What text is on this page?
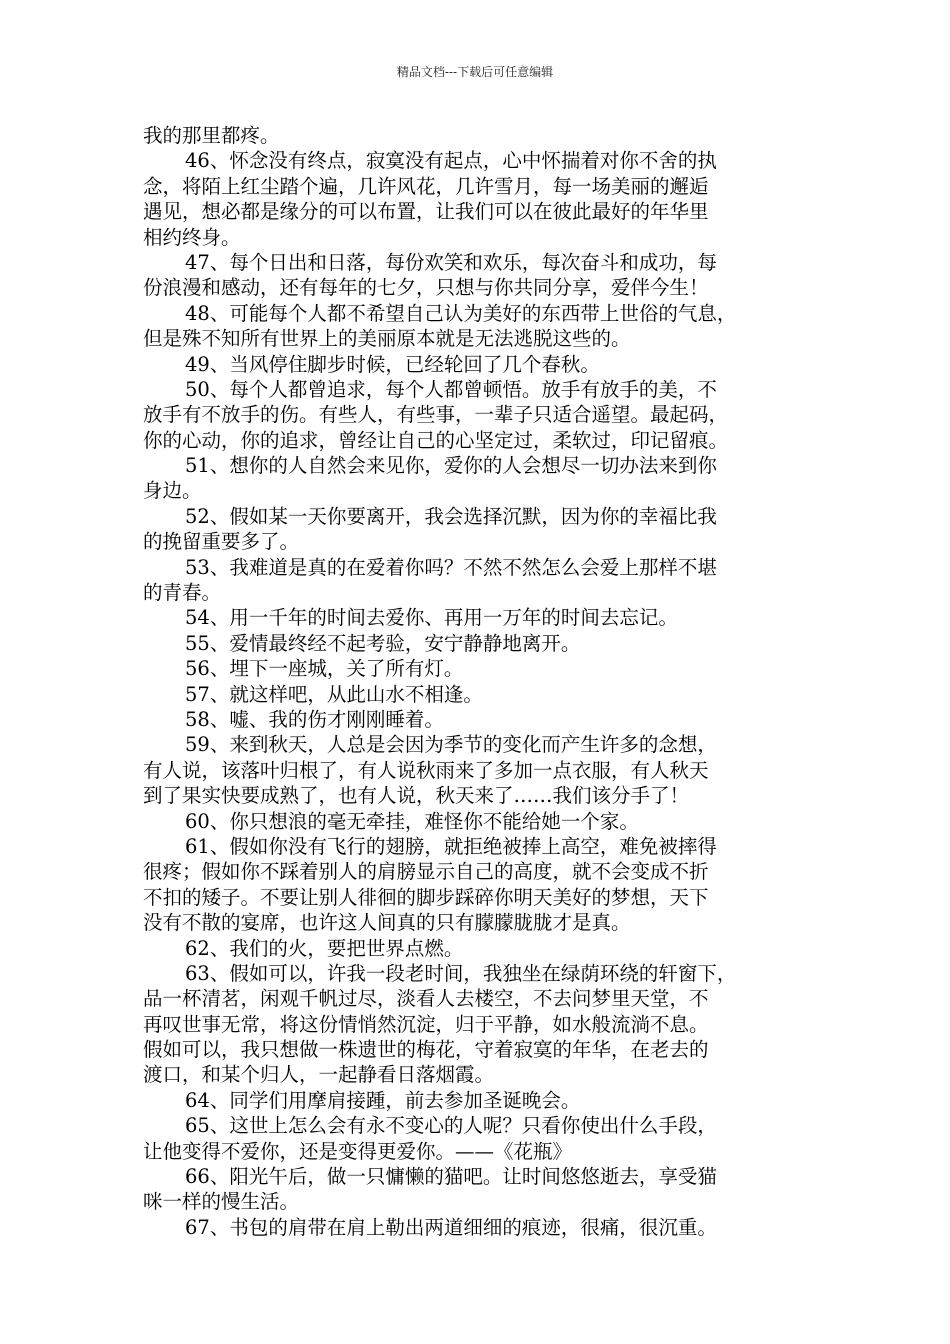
精品文档---下载后可任意编辑
我的那里都疼。
46、怀念没有终点，寂寞没有起点，心中怀揣着对你不舍的执
念，将陌上红尘踏个遍，几许风花，几许雪月，每一场美丽的邂逅
遇见，想必都是缘分的可以布置，让我们可以在彼此最好的年华里
相约终身。
47、每个日出和日落，每份欢笑和欢乐，每次奋斗和成功，每
份浪漫和感动，还有每年的七夕，只想与你共同分享，爱伴今生！
48、可能每个人都不希望自己认为美好的东西带上世俗的气息，
但是殊不知所有世界上的美丽原本就是无法逃脱这些的。
49、当风停住脚步时候，已经轮回了几个春秋。
50、每个人都曾追求，每个人都曾顿悟。放手有放手的美，不
放手有不放手的伤。有些人，有些事，一辈子只适合遥望。最起码，
你的心动，你的追求，曾经让自己的心坚定过，柔软过，印记留痕。
51、想你的人自然会来见你，爱你的人会想尽一切办法来到你
身边。
52、假如某一天你要离开，我会选择沉默，因为你的幸福比我
的挽留重要多了。
53、我难道是真的在爱着你吗？不然不然怎么会爱上那样不堪
的青春。
54、用一千年的时间去爱你、再用一万年的时间去忘记。
55、爱情最终经不起考验，安宁静静地离开。
56、埋下一座城，关了所有灯。
57、就这样吧，从此山水不相逢。
58、嘘、我的伤才刚刚睡着。
59、来到秋天，人总是会因为季节的变化而产生许多的念想，
有人说，该落叶归根了，有人说秋雨来了多加一点衣服，有人秋天
到了果实快要成熟了，也有人说，秋天来了……我们该分手了！
60、你只想浪的毫无牵挂，难怪你不能给她一个家。
61、假如你没有飞行的翅膀，就拒绝被捧上高空，难免被摔得
很疼；假如你不踩着别人的肩膀显示自己的高度，就不会变成不折
不扣的矮子。不要让别人徘徊的脚步踩碎你明天美好的梦想，天下
没有不散的宴席，也许这人间真的只有朦朦胧胧才是真。
62、我们的火，要把世界点燃。
63、假如可以，许我一段老时间，我独坐在绿荫环绕的轩窗下，
品一杯清茗，闲观千帆过尽，淡看人去楼空，不去问梦里天堂，不
再叹世事无常，将这份情悄然沉淀，归于平静，如水般流淌不息。
假如可以，我只想做一株遗世的梅花，守着寂寞的年华，在老去的
渡口，和某个归人，一起静看日落烟霞。
64、同学们用摩肩接踵，前去参加圣诞晚会。
65、这世上怎么会有永不变心的人呢？只看你使出什么手段，
让他变得不爱你，还是变得更爱你。——《花瓶》
66、阳光午后，做一只慵懒的猫吧。让时间悠悠逝去，享受猫
咪一样的慢生活。
67、书包的肩带在肩上勒出两道细细的痕迹，很痛，很沉重。
